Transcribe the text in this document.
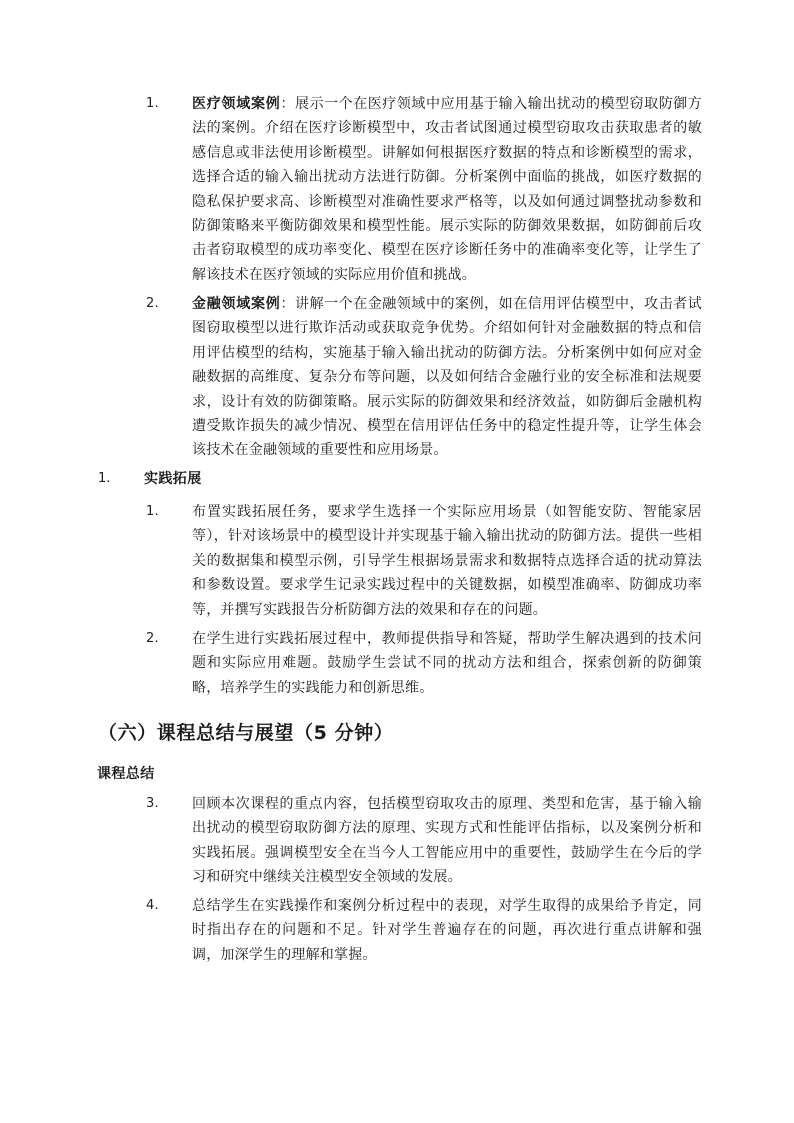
1. 医疗领域案例：展示一个在医疗领域中应用基于输入输出扰动的模型窃取防御方法的案例。介绍在医疗诊断模型中，攻击者试图通过模型窃取攻击获取患者的敏感信息或非法使用诊断模型。讲解如何根据医疗数据的特点和诊断模型的需求，选择合适的输入输出扰动方法进行防御。分析案例中面临的挑战，如医疗数据的隐私保护要求高、诊断模型对准确性要求严格等，以及如何通过调整扰动参数和防御策略来平衡防御效果和模型性能。展示实际的防御效果数据，如防御前后攻击者窃取模型的成功率变化、模型在医疗诊断任务中的准确率变化等，让学生了解该技术在医疗领域的实际应用价值和挑战。
2. 金融领域案例：讲解一个在金融领域中的案例，如在信用评估模型中，攻击者试图窃取模型以进行欺诈活动或获取竞争优势。介绍如何针对金融数据的特点和信用评估模型的结构，实施基于输入输出扰动的防御方法。分析案例中如何应对金融数据的高维度、复杂分布等问题，以及如何结合金融行业的安全标准和法规要求，设计有效的防御策略。展示实际的防御效果和经济效益，如防御后金融机构遭受欺诈损失的减少情况、模型在信用评估任务中的稳定性提升等，让学生体会该技术在金融领域的重要性和应用场景。
1. 实践拓展
1. 布置实践拓展任务，要求学生选择一个实际应用场景（如智能安防、智能家居等），针对该场景中的模型设计并实现基于输入输出扰动的防御方法。提供一些相关的数据集和模型示例，引导学生根据场景需求和数据特点选择合适的扰动算法和参数设置。要求学生记录实践过程中的关键数据，如模型准确率、防御成功率等，并撰写实践报告分析防御方法的效果和存在的问题。
2. 在学生进行实践拓展过程中，教师提供指导和答疑，帮助学生解决遇到的技术问题和实际应用难题。鼓励学生尝试不同的扰动方法和组合，探索创新的防御策略，培养学生的实践能力和创新思维。
（六）课程总结与展望（5 分钟）
课程总结
3. 回顾本次课程的重点内容，包括模型窃取攻击的原理、类型和危害，基于输入输出扰动的模型窃取防御方法的原理、实现方式和性能评估指标，以及案例分析和实践拓展。强调模型安全在当今人工智能应用中的重要性，鼓励学生在今后的学习和研究中继续关注模型安全领域的发展。
4. 总结学生在实践操作和案例分析过程中的表现，对学生取得的成果给予肯定，同时指出存在的问题和不足。针对学生普遍存在的问题，再次进行重点讲解和强调，加深学生的理解和掌握。
